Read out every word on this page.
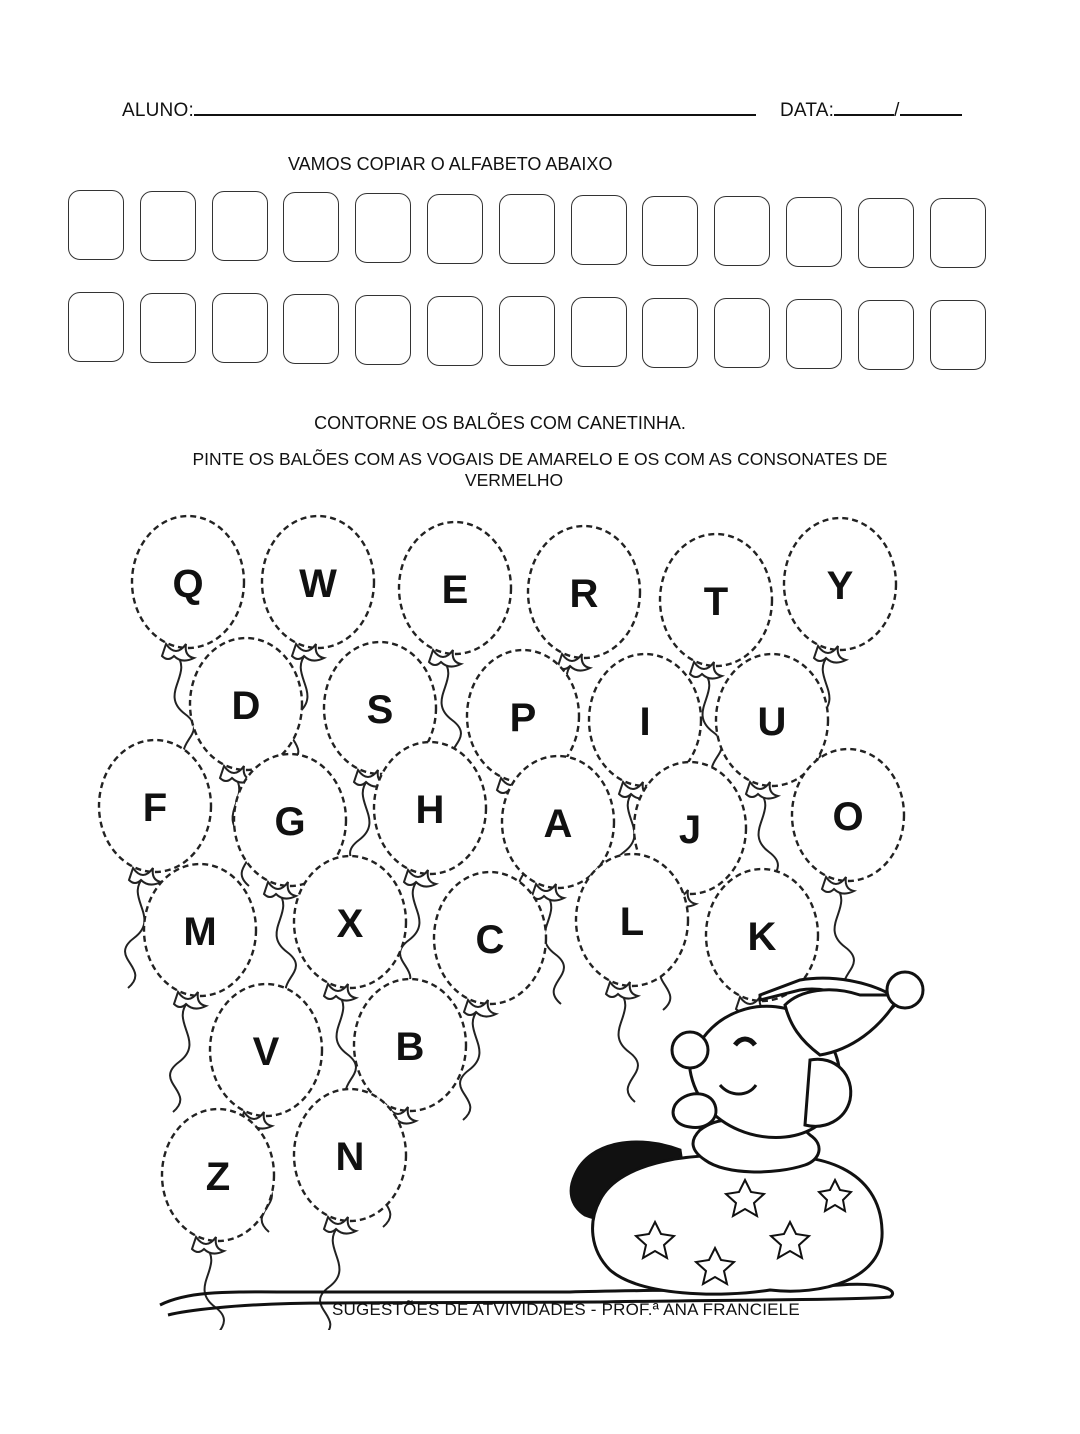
ALUNO:	DATA:	/
VAMOS COPIAR O ALFABETO ABAIXO
CONTORNE OS BALÕES COM CANETINHA.
PINTE OS BALÕES COM AS VOGAIS DE AMARELO E OS COM AS CONSONATES DE
VERMELHO
Q W	E	R	T Y
D	S	P	I	U
F	G	H A	J	O
M	X	C	L	K
V	B
Z	N
SUGESTÕES DE ATVIVIDADES - PROF.ª ANA FRANCIELE
